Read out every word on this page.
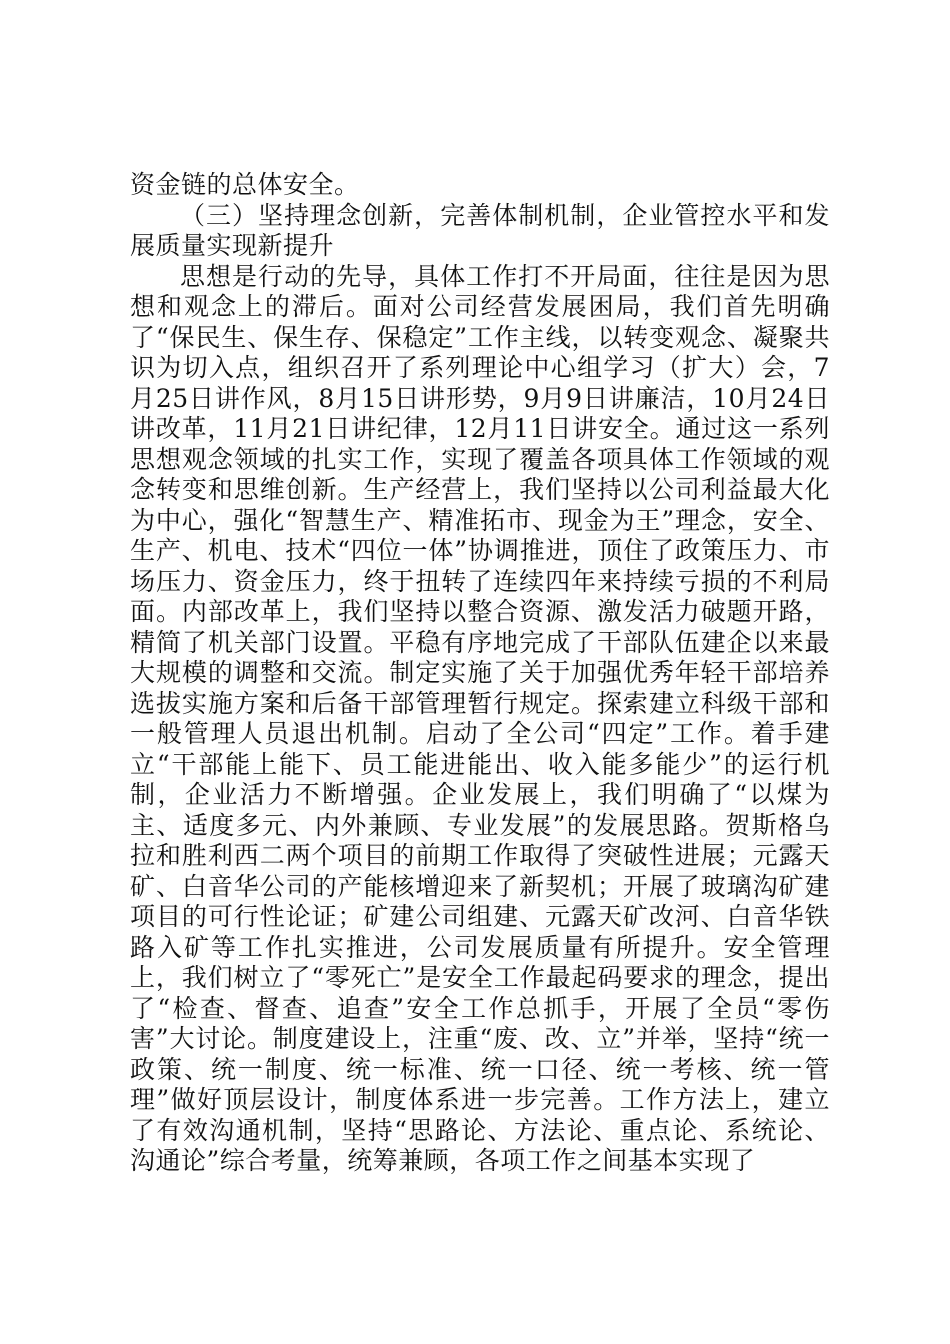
资金链的总体安全。

（三）坚持理念创新，完善体制机制，企业管控水平和发展质量实现新提升

思想是行动的先导，具体工作打不开局面，往往是因为思想和观念上的滞后。面对公司经营发展困局，我们首先明确了“保民生、保生存、保稳定”工作主线，以转变观念、凝聚共识为切入点，组织召开了系列理论中心组学习（扩大）会，7月25日讲作风，8月15日讲形势，9月9日讲廉洁，10月24日讲改革，11月21日讲纪律，12月11日讲安全。通过这一系列思想观念领域的扎实工作，实现了覆盖各项具体工作领域的观念转变和思维创新。生产经营上，我们坚持以公司利益最大化为中心，强化“智慧生产、精准拓市、现金为王”理念，安全、生产、机电、技术“四位一体”协调推进，顶住了政策压力、市场压力、资金压力，终于扭转了连续四年来持续亏损的不利局面。内部改革上，我们坚持以整合资源、激发活力破题开路，精简了机关部门设置。平稳有序地完成了干部队伍建企以来最大规模的调整和交流。制定实施了关于加强优秀年轻干部培养选拔实施方案和后备干部管理暂行规定。探索建立科级干部和一般管理人员退出机制。启动了全公司“四定”工作。着手建立“干部能上能下、员工能进能出、收入能多能少”的运行机制，企业活力不断增强。企业发展上，我们明确了“以煤为主、适度多元、内外兼顾、专业发展”的发展思路。贺斯格乌拉和胜利西二两个项目的前期工作取得了突破性进展；元露天矿、白音华公司的产能核增迎来了新契机；开展了玻璃沟矿建项目的可行性论证；矿建公司组建、元露天矿改河、白音华铁路入矿等工作扎实推进，公司发展质量有所提升。安全管理上，我们树立了“零死亡”是安全工作最起码要求的理念，提出了“检查、督查、追查”安全工作总抓手，开展了全员“零伤害”大讨论。制度建设上，注重“废、改、立”并举，坚持“统一政策、统一制度、统一标准、统一口径、统一考核、统一管理”做好顶层设计，制度体系进一步完善。工作方法上，建立了有效沟通机制，坚持“思路论、方法论、重点论、系统论、沟通论”综合考量，统筹兼顾，各项工作之间基本实现了
